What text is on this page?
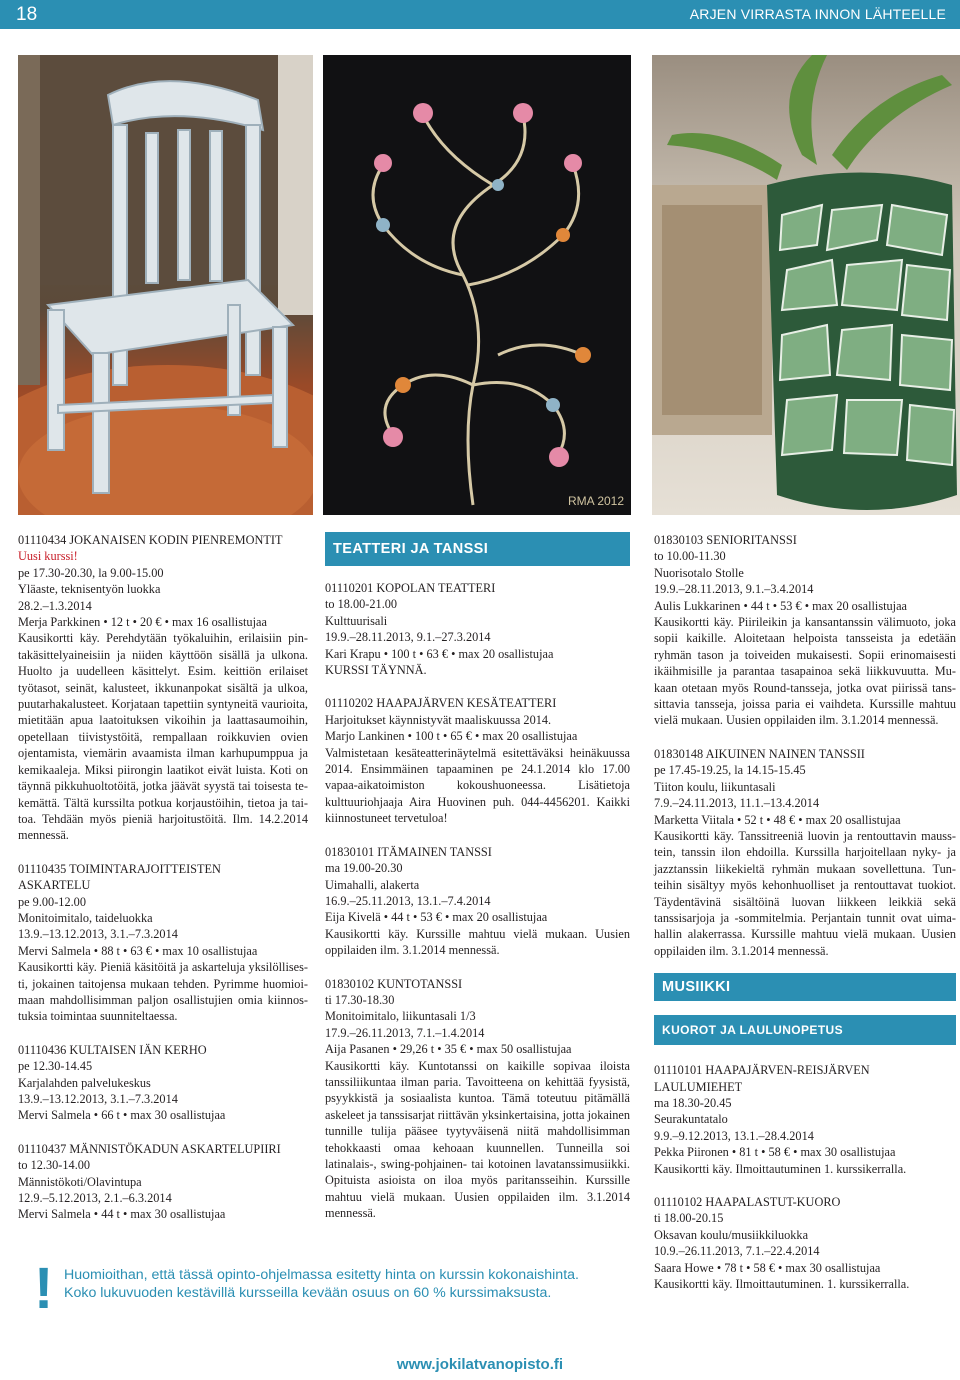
18	ARJEN VIRRASTA INNON LÄHTEELLE
RMA 2012
01110434 JOKANAISEN KODIN PIENREMONTIT
Uusi kurssi!
pe 17.30-20.30, la 9.00-15.00
Yläaste, teknisentyön luokka
28.2.–1.3.2014
Merja Parkkinen • 12 t • 20 € • max 16 osallistujaa
Kausikortti käy. Perehdytään työkaluihin, erilaisiin pintakäsittelyaineisiin ja niiden käyttöön sisällä ja ulkona. Huolto ja uudelleen käsittelyt. Esim. keittiön erilaiset työtasot, seinät, kalusteet, ikkunanpokat sisältä ja ulkoa, puutarhakalusteet. Korjataan tapettiin syntyneitä vaurioita, mietitään apua laatoituksen vikoihin ja laattasaumoihin, opetellaan tiivistystöitä, rempallaan roikkuvien ovien ojentamista, viemärin avaamista ilman karhupumppua ja kemikaaleja. Miksi piirongin laatikot eivät luista. Koti on täynnä pikkuhuoltotöitä, jotka jäävät syystä tai toisesta tekemättä. Tältä kurssilta potkua korjaustöihin, tietoa ja taitoa. Tehdään myös pieniä harjoitustöitä. Ilm. 14.2.2014 mennessä.
01110435 TOIMINTARAJOITTEISTEN
ASKARTELU
pe 9.00-12.00
Monitoimitalo, taideluokka
13.9.–13.12.2013, 3.1.–7.3.2014
Mervi Salmela • 88 t • 63 € • max 10 osallistujaa
Kausikortti käy. Pieniä käsitöitä ja askarteluja yksilöllisesti, jokainen taitojensa mukaan tehden. Pyrimme huomioimaan mahdollisimman paljon osallistujien omia kiinnostuksia toimintaa suunniteltaessa.
01110436 KULTAISEN IÄN KERHO
pe 12.30-14.45
Karjalahden palvelukeskus
13.9.–13.12.2013, 3.1.–7.3.2014
Mervi Salmela • 66 t • max 30 osallistujaa
01110437 MÄNNISTÖKADUN ASKARTELUPIIRI
to 12.30-14.00
Männistökoti/Olavintupa
12.9.–5.12.2013, 2.1.–6.3.2014
Mervi Salmela • 44 t • max 30 osallistujaa
TEATTERI JA TANSSI
01110201 KOPOLAN TEATTERI
to 18.00-21.00
Kulttuurisali
19.9.–28.11.2013, 9.1.–27.3.2014
Kari Krapu • 100 t • 63 € • max 20 osallistujaa
KURSSI TÄYNNÄ.
01110202 HAAPAJÄRVEN KESÄTEATTERI
Harjoitukset käynnistyvät maaliskuussa 2014.
Marjo Lankinen • 100 t • 65 € • max 20 osallistujaa
Valmistetaan kesäteatterinäytelmä esitettäväksi heinäkuussa 2014. Ensimmäinen tapaaminen pe 24.1.2014 klo 17.00 vapaa-aikatoimiston kokoushuoneessa. Lisätietoja kulttuuriohjaaja Aira Huovinen puh. 044-4456201. Kaikki kiinnostuneet tervetuloa!
01830101 ITÄMAINEN TANSSI
ma 19.00-20.30
Uimahalli, alakerta
16.9.–25.11.2013, 13.1.–7.4.2014
Eija Kivelä • 44 t • 53 € • max 20 osallistujaa
Kausikortti käy. Kurssille mahtuu vielä mukaan. Uusien oppilaiden ilm. 3.1.2014 mennessä.
01830102 KUNTOTANSSI
ti 17.30-18.30
Monitoimitalo, liikuntasali 1/3
17.9.–26.11.2013, 7.1.–1.4.2014
Aija Pasanen • 29,26 t • 35 € • max 50 osallistujaa
Kausikortti käy. Kuntotanssi on kaikille sopivaa iloista tanssiliikuntaa ilman paria. Tavoitteena on kehittää fyysistä, psyykkistä ja sosiaalista kuntoa. Tämä toteutuu pitämällä askeleet ja tanssisarjat riittävän yksinkertaisina, jotta jokainen tunnille tulija pääsee tyytyväisenä niitä mahdollisimman tehokkaasti omaa kehoaan kuunnellen. Tunneilla soi latinalais-, swing-pohjainen- tai kotoinen lavatanssimusiikki. Opituista asioista on iloa myös paritansseihin. Kurssille mahtuu vielä mukaan. Uusien oppilaiden ilm. 3.1.2014 mennessä.
01830103 SENIORITANSSI
to 10.00-11.30
Nuorisotalo Stolle
19.9.–28.11.2013, 9.1.–3.4.2014
Aulis Lukkarinen • 44 t • 53 € • max 20 osallistujaa
Kausikortti käy. Piirileikin ja kansantanssin välimuoto, joka sopii kaikille. Aloitetaan helpoista tansseista ja edetään ryhmän tason ja toiveiden mukaisesti. Sopii erinomaisesti ikäihmisille ja parantaa tasapainoa sekä liikkuvuutta. Mukaan otetaan myös Round-tansseja, jotka ovat piirissä tanssittavia tansseja, joissa paria ei vaihdeta. Kurssille mahtuu vielä mukaan. Uusien oppilaiden ilm. 3.1.2014 mennessä.
01830148 AIKUINEN NAINEN TANSSII
pe 17.45-19.25, la 14.15-15.45
Tiiton koulu, liikuntasali
7.9.–24.11.2013, 11.1.–13.4.2014
Marketta Viitala • 52 t • 48 € • max 20 osallistujaa
Kausikortti käy. Tanssitreeniä luovin ja rentouttavin mausstein, tanssin ilon ehdoilla. Kurssilla harjoitellaan nyky- ja jazztanssin liikekieltä ryhmän mukaan sovellettuna. Tunteihin sisältyy myös kehonhuolliset ja rentouttavat tuokiot. Täydentävinä sisältöinä luovan liikkeen leikkiä sekä tanssisarjoja ja -sommitelmia. Perjantain tunnit ovat uimahallin alakerrassa. Kurssille mahtuu vielä mukaan. Uusien oppilaiden ilm. 3.1.2014 mennessä.
MUSIIKKI
KUOROT JA LAULUNOPETUS
01110101 HAAPAJÄRVEN-REISJÄRVEN
LAULUMIEHET
ma 18.30-20.45
Seurakuntatalo
9.9.–9.12.2013, 13.1.–28.4.2014
Pekka Piironen • 81 t • 58 € • max 30 osallistujaa
Kausikortti käy. Ilmoittautuminen 1. kurssikerralla.
01110102 HAAPALASTUT-KUORO
ti 18.00-20.15
Oksavan koulu/musiikkiluokka
10.9.–26.11.2013, 7.1.–22.4.2014
Saara Howe • 78 t • 58 € • max 30 osallistujaa
Kausikortti käy. Ilmoittautuminen. 1. kurssikerralla.
! Huomioithan, että tässä opinto-ohjelmassa esitetty hinta on kurssin kokonaishinta. Koko lukuvuoden kestävillä kursseilla kevään osuus on 60 % kurssimaksusta.
www.jokilatvanopisto.fi
